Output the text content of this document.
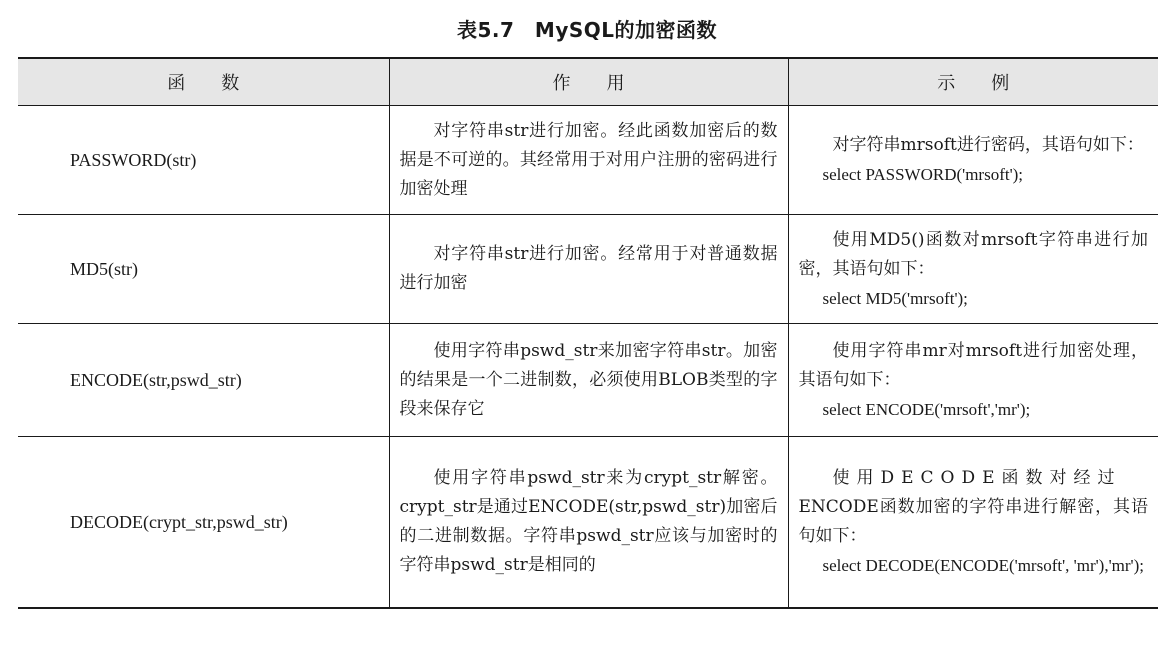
表5.7　MySQL的加密函数
函　　数	作　　用	示　　例
PASSWORD(str)	对字符串str进行加密。经此函数加密后的数据是不可逆的。其经常用于对用户注册的密码进行加密处理	对字符串mrsoft进行密码，其语句如下：
select PASSWORD('mrsoft');

MD5(str)	对字符串str进行加密。经常用于对普通数据进行加密	使用MD5()函数对mrsoft字符串进行加密，其语句如下：
select MD5('mrsoft');

ENCODE(str,pswd_str)	使用字符串pswd_str来加密字符串str。加密的结果是一个二进制数，必须使用BLOB类型的字段来保存它	使用字符串mr对mrsoft进行加密处理，其语句如下：
select ENCODE('mrsoft','mr');

DECODE(crypt_str,pswd_str)	使用字符串pswd_str来为crypt_str解密。crypt_str是通过ENCODE(str,pswd_str)加密后的二进制数据。字符串pswd_str应该与加密时的字符串pswd_str是相同的	使用DECODE函数对经过
ENCODE函数加密的字符串进行解密，其语句如下：
select DECODE(ENCODE('mrsoft', 'mr'),'mr');
